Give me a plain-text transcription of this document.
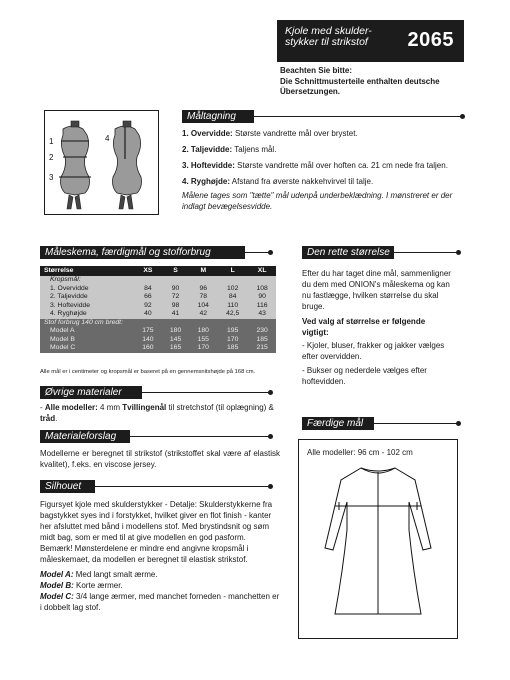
Kjole med skulder-
stykker til strikstof	2065
Beachten Sie bitte:
Die Schnittmusterteile enthalten deutsche
Übersetzungen.
1
2
3
4
Måltagning
1. Overvidde: Største vandrette mål over brystet.
2. Taljevidde: Taljens mål.
3. Hoftevidde: Største vandrette mål over hoften ca. 21 cm nede fra taljen.
4. Ryghøjde: Afstand fra øverste nakkehvirvel til talje.
Målene tages som "tætte" mål udenpå underbeklædning. I mønstreret er der indlagt bevægelsesvidde.
Måleskema, færdigmål og stofforbrug
Størrelse	XS	S	M	L	XL
Kropsmål:					
1. Overvidde	84	90	96	102	108
2. Taljevidde	66	72	78	84	90
3. Hoftevidde	92	98	104	110	116
4. Ryghøjde	40	41	42	42,5	43
Stof forbrug 140 cm bredt:					
Model A	175	180	180	195	230
Model B	140	145	155	170	185
Model C	160	165	170	185	215
Alle mål er i centimeter og kropsmål er baseret på en gennemsnitshøjde på 168 cm.
Den rette størrelse
Efter du har taget dine mål, sammenligner du dem med ONION's måleskema og kan nu fastlægge, hvilken størrelse du skal bruge.
Ved valg af størrelse er følgende vigtigt:
- Kjoler, bluser, frakker og jakker vælges efter overvidden.
- Bukser og nederdele vælges efter hoftevidden.
Øvrige materialer
- Alle modeller: 4 mm Tvillingenål til stretchstof (til oplægning) & tråd.
Materialeforslag
Modellerne er beregnet til strikstof (strikstoffet skal være af elastisk kvalitet), f.eks. en viscose jersey.
Silhouet
Figursyet kjole med skulderstykker - Detalje: Skulderstykkerne fra bagstykket syes ind i forstykket, hvilket giver en flot finish - kanter her afsluttet med bånd i modellens stof. Med brystindsnit og søm midt bag, som er med til at give modellen en god pasform. Bemærk! Mønsterdelene er mindre end angivne kropsmål i måleskemaet, da modellen er beregnet til elastisk strikstof.
Model A: Med langt smalt ærme.
Model B: Korte ærmer.
Model C: 3/4 lange ærmer, med manchet forneden - manchetten er i dobbelt lag stof.
Færdige mål
Alle modeller: 96 cm - 102 cm
